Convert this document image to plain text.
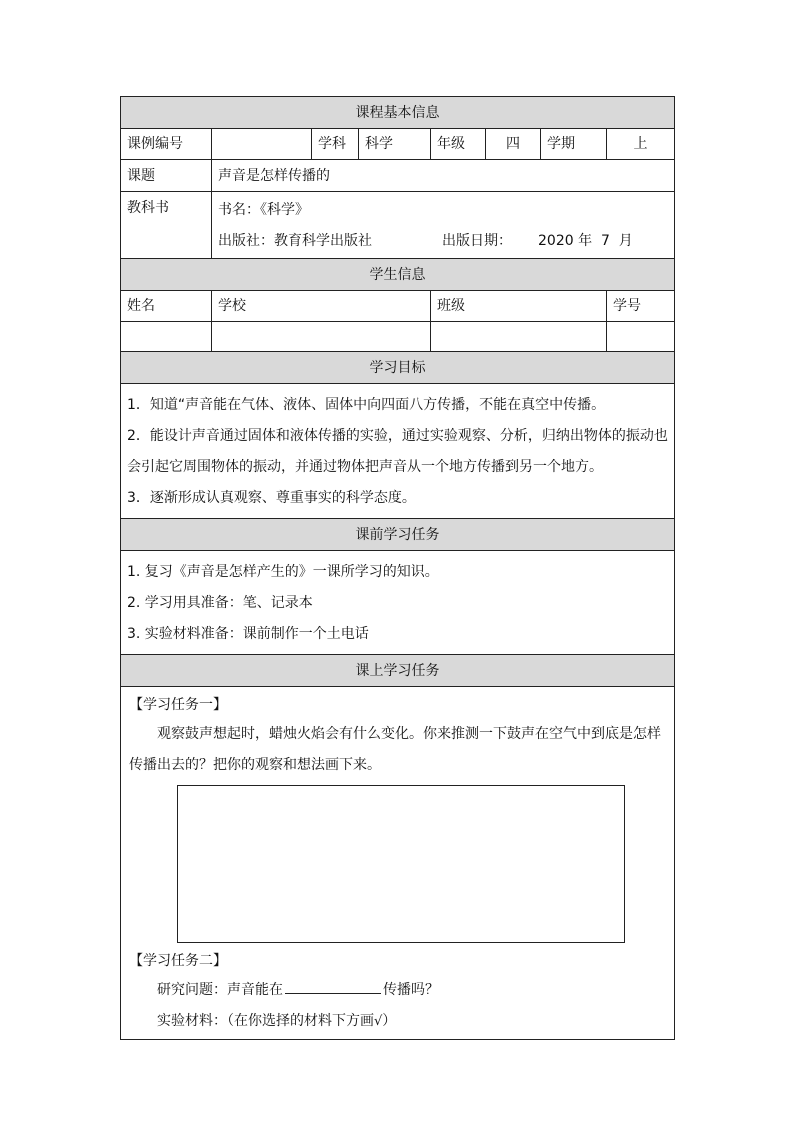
课程基本信息							
课例编号		学科	科学	年级	四	学期	上
课题	声音是怎样传播的						
教科书	书名：《科学》
出版社：教育科学出版社 出版日期： 2020 年  7  月						

学生信息							
姓名	学校			班级			学号

学习目标							

1．知道“声音能在气体、液体、固体中向四面八方传播，不能在真空中传播。
2．能设计声音通过固体和液体传播的实验，通过实验观察、分析，归纳出物体的振动也会引起它周围物体的振动，并通过物体把声音从一个地方传播到另一个地方。
3．逐渐形成认真观察、尊重事实的科学态度。							

课前学习任务							

1. 复习《声音是怎样产生的》一课所学习的知识。
2. 学习用具准备：笔、记录本
3. 实验材料准备：课前制作一个土电话							

课上学习任务							

【学习任务一】
观察鼓声想起时，蜡烛火焰会有什么变化。你来推测一下鼓声在空气中到底是怎样传播出去的？把你的观察和想法画下来。
【学习任务二】
研究问题：声音能在 传播吗？
实验材料：（在你选择的材料下方画√）							
